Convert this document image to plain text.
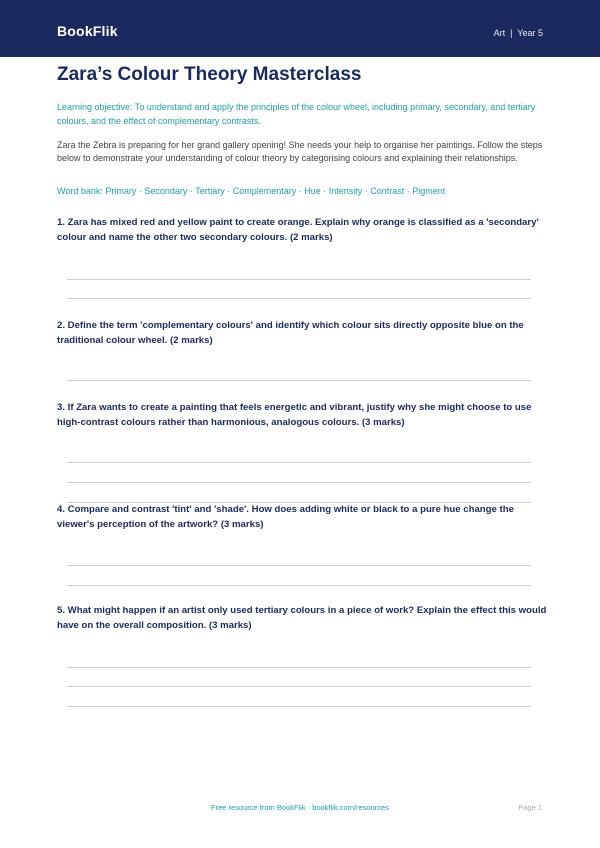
BookFlik	Art  |  Year 5
Zara’s Colour Theory Masterclass
Learning objective: To understand and apply the principles of the colour wheel, including primary, secondary, and tertiary colours, and the effect of complementary contrasts.
Zara the Zebra is preparing for her grand gallery opening! She needs your help to organise her paintings. Follow the steps below to demonstrate your understanding of colour theory by categorising colours and explaining their relationships.
Word bank: Primary · Secondary · Tertiary · Complementary · Hue · Intensity · Contrast · Pigment
1. Zara has mixed red and yellow paint to create orange. Explain why orange is classified as a 'secondary' colour and name the other two secondary colours. (2 marks)
2. Define the term 'complementary colours' and identify which colour sits directly opposite blue on the traditional colour wheel. (2 marks)
3. If Zara wants to create a painting that feels energetic and vibrant, justify why she might choose to use high-contrast colours rather than harmonious, analogous colours. (3 marks)
4. Compare and contrast 'tint' and 'shade'. How does adding white or black to a pure hue change the viewer's perception of the artwork? (3 marks)
5. What might happen if an artist only used tertiary colours in a piece of work? Explain the effect this would have on the overall composition. (3 marks)
Free resource from BookFlik · bookflik.com/resources	Page 1
